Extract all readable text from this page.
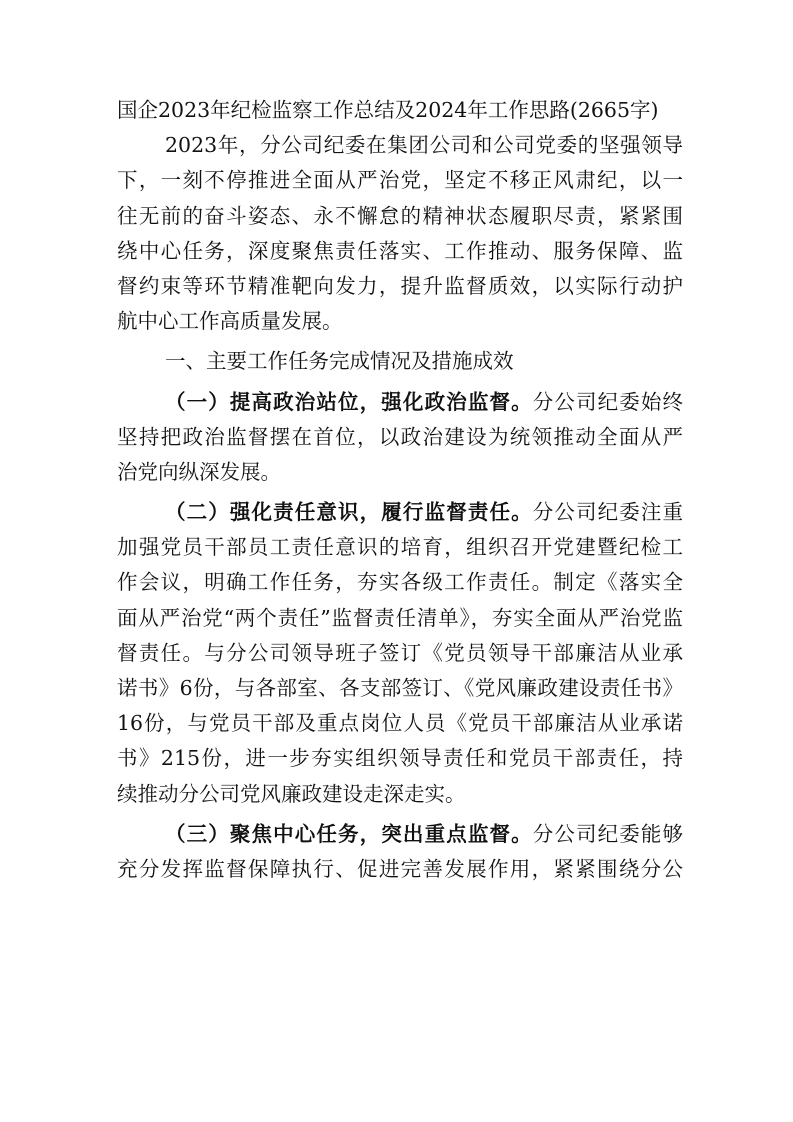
国企2023年纪检监察工作总结及2024年工作思路(2665字)
2023年，分公司纪委在集团公司和公司党委的坚强领导
下，一刻不停推进全面从严治党，坚定不移正风肃纪，以一
往无前的奋斗姿态、永不懈怠的精神状态履职尽责，紧紧围
绕中心任务，深度聚焦责任落实、工作推动、服务保障、监
督约束等环节精准靶向发力，提升监督质效，以实际行动护
航中心工作高质量发展。
一、主要工作任务完成情况及措施成效
（一）提高政治站位，强化政治监督。分公司纪委始终
坚持把政治监督摆在首位，以政治建设为统领推动全面从严
治党向纵深发展。
（二）强化责任意识，履行监督责任。分公司纪委注重
加强党员干部员工责任意识的培育，组织召开党建暨纪检工
作会议，明确工作任务，夯实各级工作责任。制定《落实全
面从严治党“两个责任”监督责任清单》，夯实全面从严治党监
督责任。与分公司领导班子签订《党员领导干部廉洁从业承
诺书》6份，与各部室、各支部签订、《党风廉政建设责任书》
16份，与党员干部及重点岗位人员《党员干部廉洁从业承诺
书》215份，进一步夯实组织领导责任和党员干部责任，持
续推动分公司党风廉政建设走深走实。
（三）聚焦中心任务，突出重点监督。分公司纪委能够
充分发挥监督保障执行、促进完善发展作用，紧紧围绕分公
